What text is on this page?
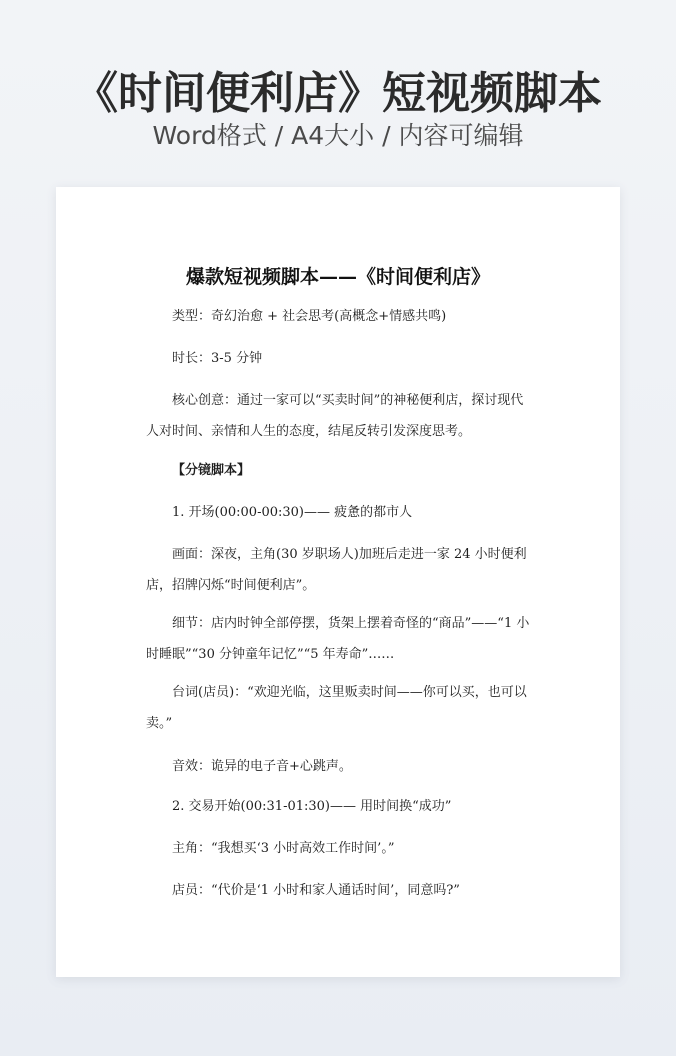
《时间便利店》短视频脚本
Word格式 / A4大小 / 内容可编辑
爆款短视频脚本——《时间便利店》

类型：奇幻治愈 + 社会思考(高概念+情感共鸣)

时长：3-5 分钟

核心创意：通过一家可以“买卖时间”的神秘便利店，探讨现代人对时间、亲情和人生的态度，结尾反转引发深度思考。

【分镜脚本】

1. 开场(00:00-00:30)—— 疲惫的都市人

画面：深夜，主角(30 岁职场人)加班后走进一家 24 小时便利店，招牌闪烁“时间便利店”。

细节：店内时钟全部停摆，货架上摆着奇怪的“商品”——“1 小时睡眠”“30 分钟童年记忆”“5 年寿命”……

台词(店员)：“欢迎光临，这里贩卖时间——你可以买，也可以卖。”

音效：诡异的电子音+心跳声。

2. 交易开始(00:31-01:30)—— 用时间换“成功”

主角：“我想买‘3 小时高效工作时间’。”

店员：“代价是‘1 小时和家人通话时间’，同意吗?”
